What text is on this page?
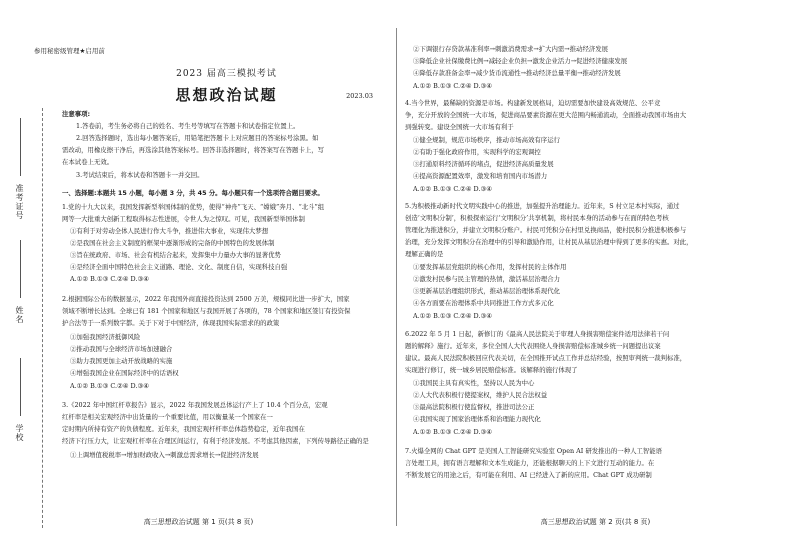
准考证号
姓名
学校
参用秘密级管理★启用前
2023 届高三模拟考试
思想政治试题	2023.03
注意事项:
1.答卷前，考生务必将自己的姓名、考生号等填写在答题卡和试卷指定位置上。
2.回答选择题时，选出每小题答案后，用铅笔把答题卡上对应题目的答案标号涂黑。如
需改动，用橡皮擦干净后，再选涂其他答案标号。回答非选择题时，将答案写在答题卡上，写
在本试卷上无效。
3.考试结束后，将本试卷和答题卡一并交回。
一、选择题:本题共 15 小题，每小题 3 分，共 45 分。每小题只有一个选项符合题目要求。
1.党的十九大以来，我国发挥新型举国体制的优势，使得“神舟”飞天、“嫦娥”奔月、“北斗”组
网等一大批重大创新工程取得标志性进展，令世人为之惊叹。可见，我国新型举国体制
①有利于对劳动全体人民进行作大斗争，推进伟大事业，实现伟大梦想
②是我国在社会主义制度的框架中逐渐形成的完备的中国特色的发展体制
③旨在统政府、市场、社会有机结合起来，发挥集中力量办大事的显著优势
④是经济全面中国特色社会主义道路、理论、文化、制度自信，实现科技自强
A.①② B.①③ C.②④ D.③④
2.根据国际公布的数据显示，2022 年我国外商直接投资达到 2500 万美，规模同比进一步扩大，国家
领域不断增长达到。全球已有 181 个国家和地区与我国开展了各项的，78 个国家和地区签订有投资保
护合法等于一系列数字都。关于下对于中国经济，体现我国实际需求的的政策
①加强我国经济抵御风险
②推动我国与全球经济市场加速融合
③助力我国更加主动开放战略的实施
④增强我国企业在国际经济中的话语权
A.①② B.①③ C.②④ D.③④
3.《2022 年中国红杆草报告》显示，2022 年我国发展总体运行产上了 10.4 个百分点，宏观
红杆率是相关宏观经济中出货量的一个重要比值，用以衡量某一个国家在一
定时期内所持有资产的负债程度。近年来，我国宏观杆杆率总体趋势稳定，近年我国在
经济下行压力大，让宏观杠杆率在合理区间运行，有利于经济发展。不考虑其他因素，下列传导路径正确的是
①上调增值税税率→增加财政收入→刺激总需求增长→促进经济发展
高三思想政治试题 第 1 页(共 8 页)
②下调银行存贷款基准利率→刺激消费需求→扩大内需→推动经济发展
③降低企业社保缴费比例→减轻企业负担→激发企业活力→促进经济健康发展
④降低存款准备金率→减少货币流通性→推动经济总量平衡→推动经济发展
A.①② B.①③ C.②④ D.③④
4.当今世界，最稀缺的资源是市场。构建新发展格局，迫切需要加快建设高效规范、公平竞
争，充分开放的全国统一大市场，促进商品要素资源在更大范围内畅通流动，全面推动我国市场由大
到强转变。建设全国统一大市场有利于
①健全规制，规范市场秩序，推动市场高效有序运行
②有助于强化政府作用，实现科学的宏观调控
③打通原料经济循环的堵点，促进经济高质量发展
④提高资源配置效率，激发和培育国内市场潜力
A.①② B.①③ C.②④ D.③④
5.为积极推动新时代文明实践中心的推进，加强提升治理能力。近年来，S 村立足本村实际，通过
创造‘文明积分制’，积极探索运行‘文明积分’共享机制，将村民本身的活动参与在面的特色考核
管理化为推进积分，并建立文明积分账户。村民可凭积分在村里兑换商品，使村民积分推进积极参与
治理，充分发挥文明积分在治理中的引导和激励作用，让村民从基层治理中得到了更多的实惠。对此，
理解正确的是
①要发挥基层党组织的核心作用，发挥村民的主体作用
②激发村民参与民主管理的热情，激活基层治理合力
③更新基层治理组织形式，推动基层治理体系现代化
④各方面要在治理体系中共同推进工作方式多元化
A.①② B.①③ C.②④ D.③④
6.2022 年 5 月 1 日起，新修订的《最高人民法院关于审理人身损害赔偿案件适用法律若干问
题的解释》施行。近年来，多位全国人大代表围绕人身损害赔偿标准城乡统一问题提出议案
建议。最高人民法院积极回应代表关切，在全国推开试点工作并总结经验，按照审判统一裁判标准，
实现进行修订，统一城乡居民赔偿标准。该解释的施行体现了
①我国民主具有真实性，坚持以人民为中心
②人大代表积极行使提案权，维护人民合法权益
③最高法院积极行使监督权，推进司法公正
④我国实现了国家治理体系和治理能力现代化
A.①② B.①③ C.②④ D.③④
7.火爆全网的 Chat GPT 是美国人工智能研究实验室 Open AI 研发推出的一种人工智能语
言处理工具，拥有语言理解和文本生成能力，还能根据聊天的上下文进行互动的能力。在
不断发展它的用途之后，有可能在利用、AI 已经进入了新的应用。Chat GPT 成功研制
高三思想政治试题 第 2 页(共 8 页)
